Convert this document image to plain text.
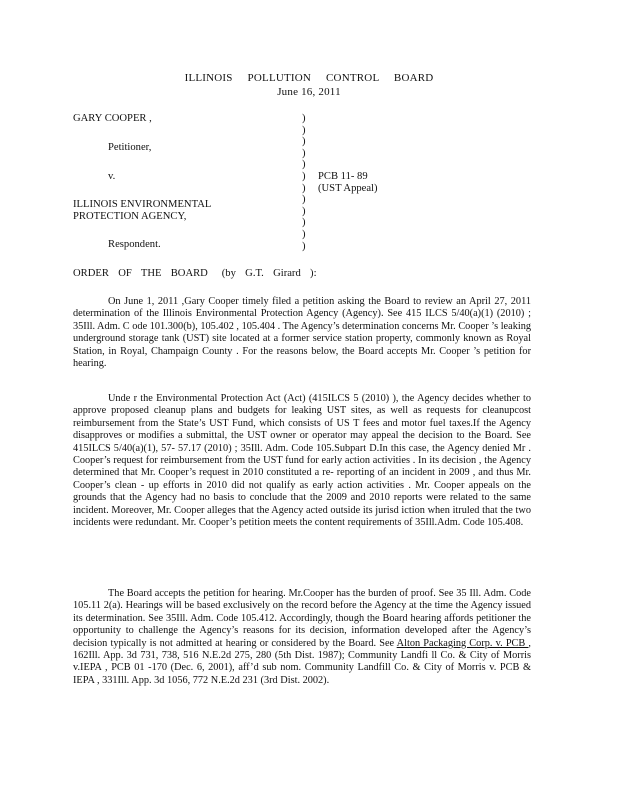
ILLINOIS POLLUTION CONTROL BOARD
June 16, 2011
GARY COOPER ,
Petitioner,
v.
ILLINOIS ENVIRONMENTAL
PROTECTION AGENCY,
Respondent.
)
)
)
)
)
)
)
)
)
)
)
)
PCB 11- 89
(UST Appeal)
ORDER  OF  THE  BOARD   (by  G.T.  Girard  ):
On June 1, 2011 ,Gary Cooper timely filed a petition asking the Board to review an April 27, 2011 determination of the Illinois Environmental Protection Agency (Agency). See 415 ILCS 5/40(a)(1) (2010) ; 35Ill. Adm. C ode 101.300(b), 105.402 , 105.404 . The Agency’s determination concerns Mr. Cooper ’s leaking underground storage tank (UST) site located at a former service station property, commonly known as Royal Station, in Royal, Champaign County . For the reasons below, the Board accepts Mr. Cooper ’s petition for hearing.
Unde r the Environmental Protection Act (Act) (415ILCS 5 (2010) ), the Agency decides whether to approve proposed cleanup plans and budgets for leaking UST sites, as well as requests for cleanupcost reimbursement from the State’s UST Fund, which consists of US T fees and motor fuel taxes.If the Agency disapproves or modifies a submittal, the UST owner or operator may appeal the decision to the Board. See 415ILCS 5/40(a)(1), 57- 57.17 (2010) ; 35Ill. Adm. Code 105.Subpart D.In this case, the Agency denied Mr . Cooper’s request for reimbursement from the UST fund for early action activities . In its decision , the Agency determined that Mr. Cooper’s request in 2010 constituted a re- reporting of an incident in 2009 , and thus Mr. Cooper’s clean - up efforts in 2010 did not qualify as early action activities . Mr. Cooper appeals on the grounds that the Agency had no basis to conclude that the 2009 and 2010 reports were related to the same incident. Moreover, Mr. Cooper alleges that the Agency acted outside its jurisd iction when itruled that the two incidents were redundant. Mr. Cooper’s petition meets the content requirements of 35Ill.Adm. Code 105.408.
The Board accepts the petition for hearing. Mr.Cooper has the burden of proof. See 35 Ill. Adm. Code 105.11 2(a). Hearings will be based exclusively on the record before the Agency at the time the Agency issued its determination. See 35Ill. Adm. Code 105.412. Accordingly, though the Board hearing affords petitioner the opportunity to challenge the Agency’s reasons for its decision, information developed after the Agency’s decision typically is not admitted at hearing or considered by the Board. See Alton Packaging Corp. v. PCB , 162Ill. App. 3d 731, 738, 516 N.E.2d 275, 280 (5th Dist. 1987); Community Landfi ll Co. & City of Morris v.IEPA , PCB 01 -170 (Dec. 6, 2001), aff’d sub nom. Community Landfill Co. & City of Morris v. PCB & IEPA , 331Ill. App. 3d 1056, 772 N.E.2d 231 (3rd Dist. 2002).
